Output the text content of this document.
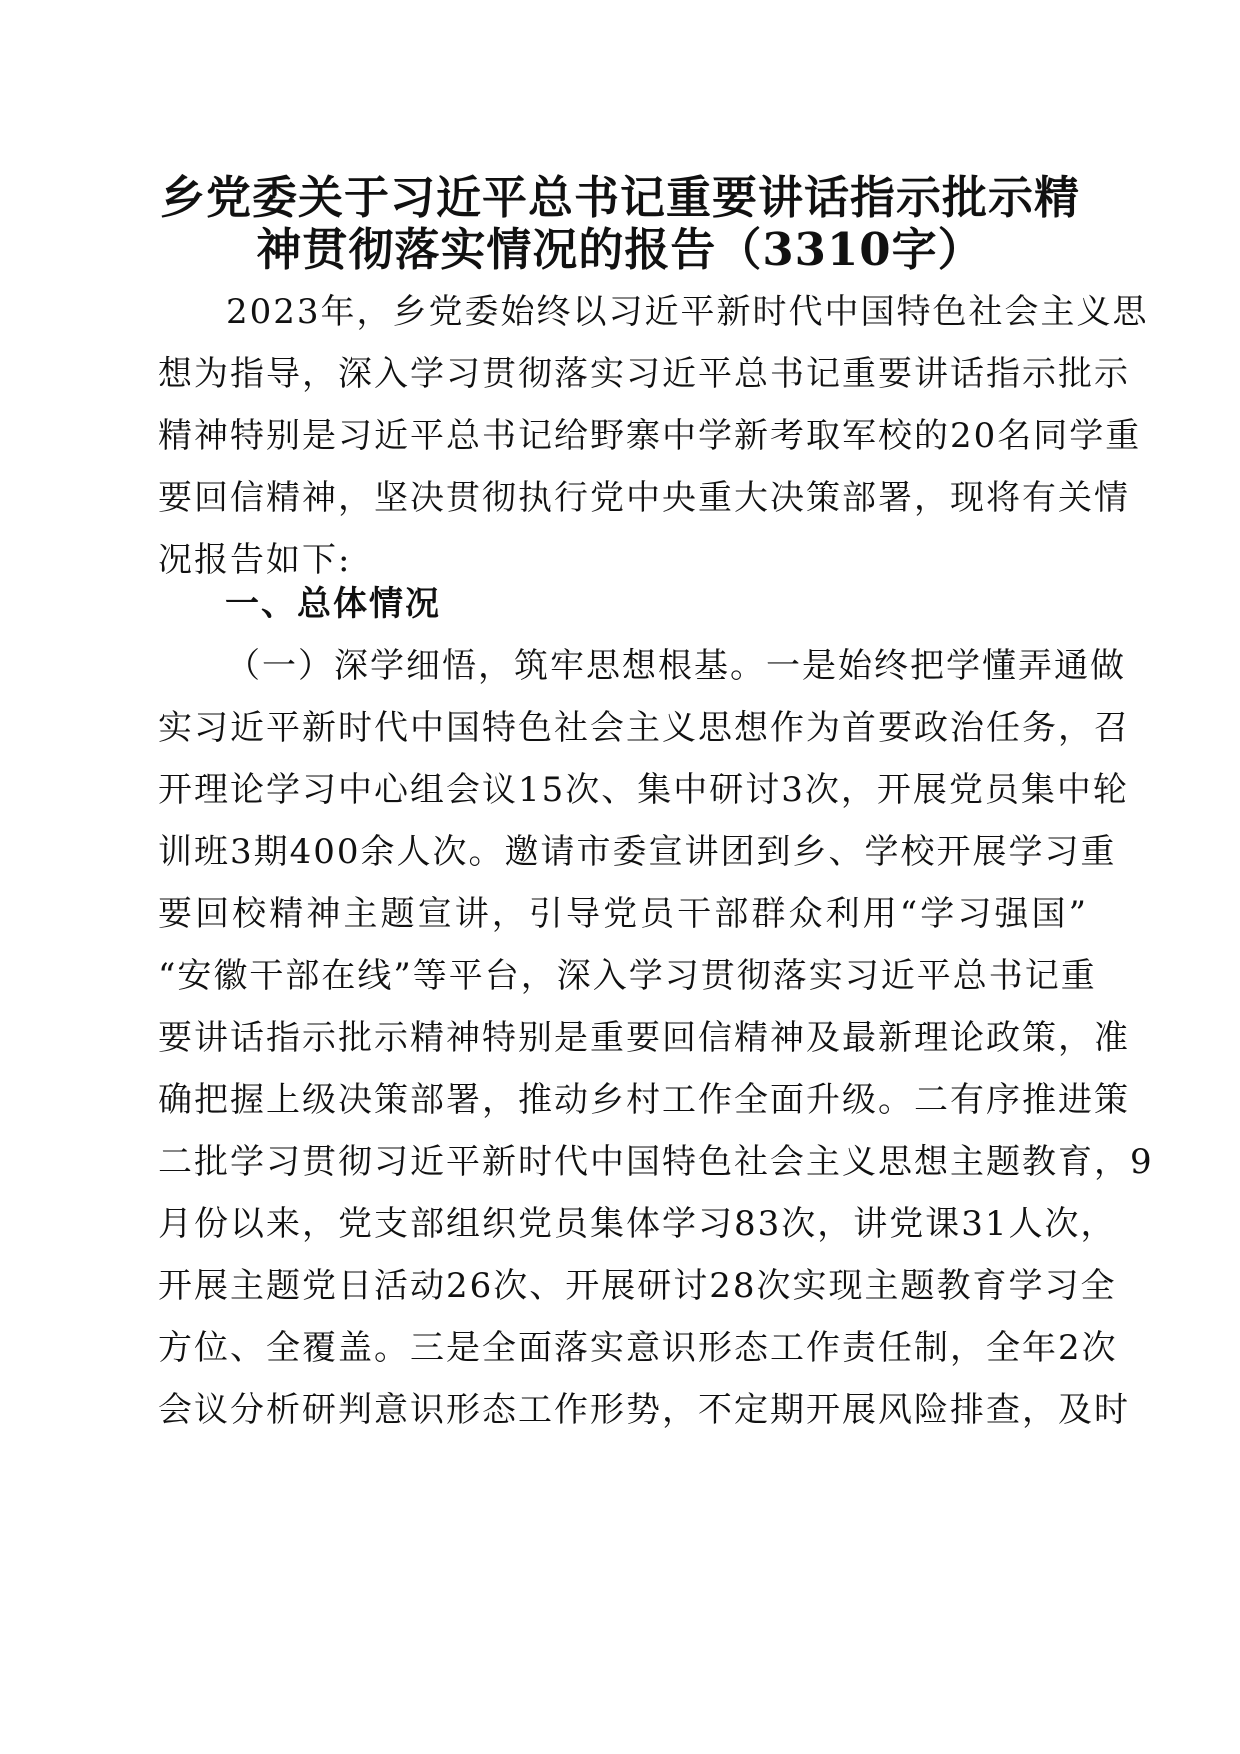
乡党委关于习近平总书记重要讲话指示批示精
神贯彻落实情况的报告（3310字）
2023年，乡党委始终以习近平新时代中国特色社会主义思
想为指导，深入学习贯彻落实习近平总书记重要讲话指示批示
精神特别是习近平总书记给野寨中学新考取军校的20名同学重
要回信精神，坚决贯彻执行党中央重大决策部署，现将有关情
况报告如下:
一、总体情况
（一）深学细悟，筑牢思想根基。一是始终把学懂弄通做
实习近平新时代中国特色社会主义思想作为首要政治任务，召
开理论学习中心组会议15次、集中研讨3次，开展党员集中轮
训班3期400余人次。邀请市委宣讲团到乡、学校开展学习重
要回校精神主题宣讲，引导党员干部群众利用“学习强国”
“安徽干部在线”等平台，深入学习贯彻落实习近平总书记重
要讲话指示批示精神特别是重要回信精神及最新理论政策，准
确把握上级决策部署，推动乡村工作全面升级。二有序推进策
二批学习贯彻习近平新时代中国特色社会主义思想主题教育，9
月份以来，党支部组织党员集体学习83次，讲党课31人次，
开展主题党日活动26次、开展研讨28次实现主题教育学习全
方位、全覆盖。三是全面落实意识形态工作责任制，全年2次
会议分析研判意识形态工作形势，不定期开展风险排查，及时
